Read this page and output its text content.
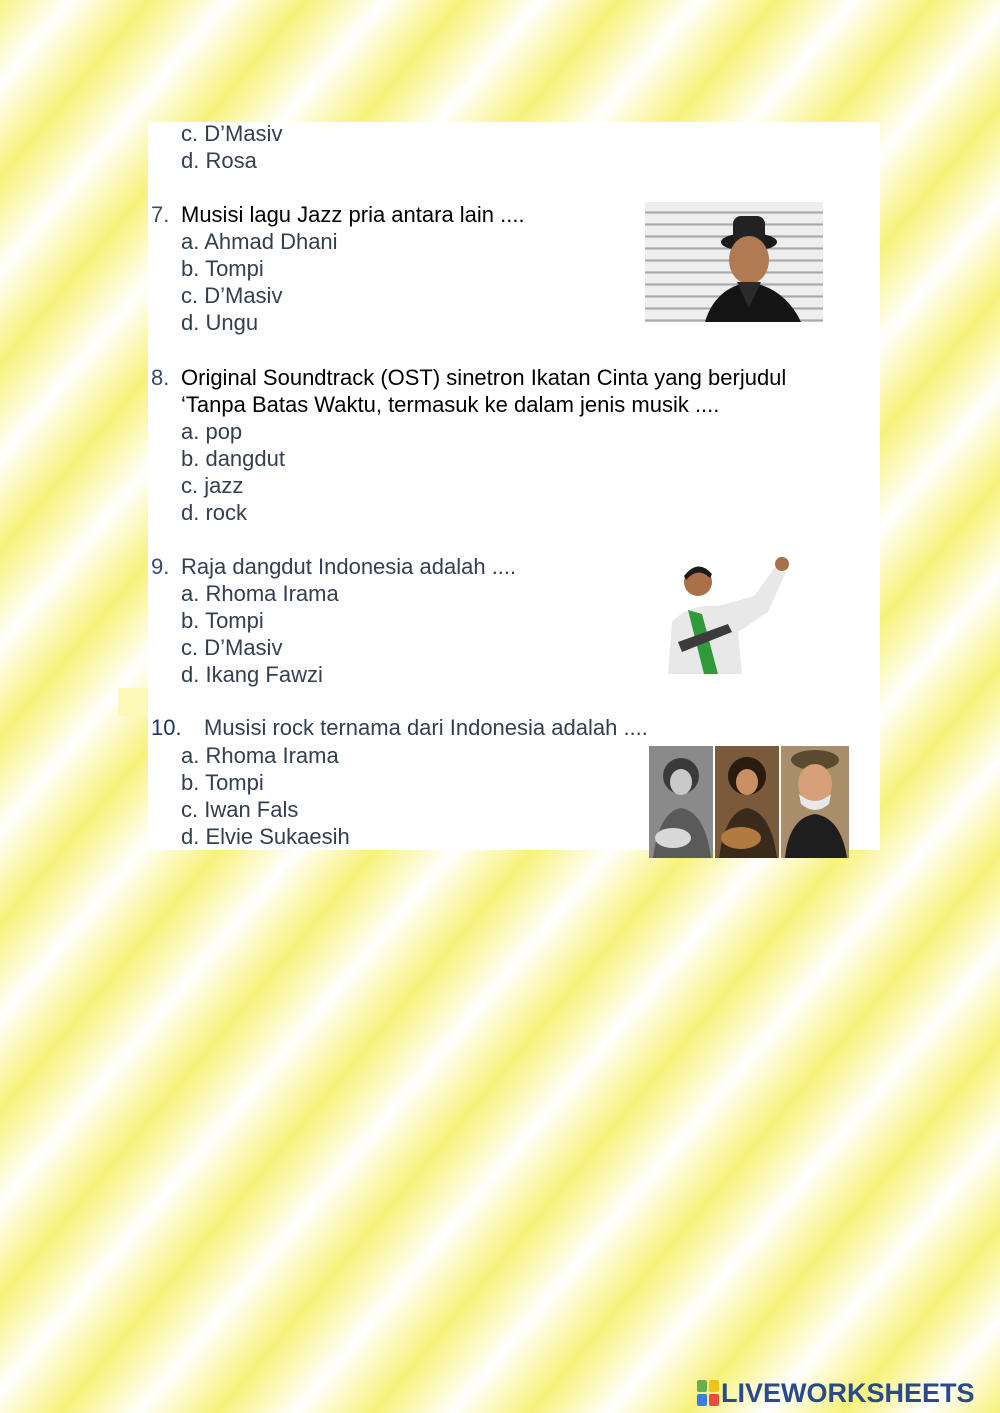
c. D’Masiv
d. Rosa
7. Musisi lagu Jazz pria antara lain ....
a. Ahmad Dhani
b. Tompi
c. D’Masiv
d. Ungu
8. Original Soundtrack (OST) sinetron Ikatan Cinta yang berjudul
‘Tanpa Batas Waktu, termasuk ke dalam jenis musik ....
a. pop
b. dangdut
c. jazz
d. rock
9. Raja dangdut Indonesia adalah ....
a. Rhoma Irama
b. Tompi
c. D’Masiv
d. Ikang Fawzi
10. Musisi rock ternama dari Indonesia adalah ....
a. Rhoma Irama
b. Tompi
c. Iwan Fals
d. Elvie Sukaesih
LIVEWORKSHEETS
